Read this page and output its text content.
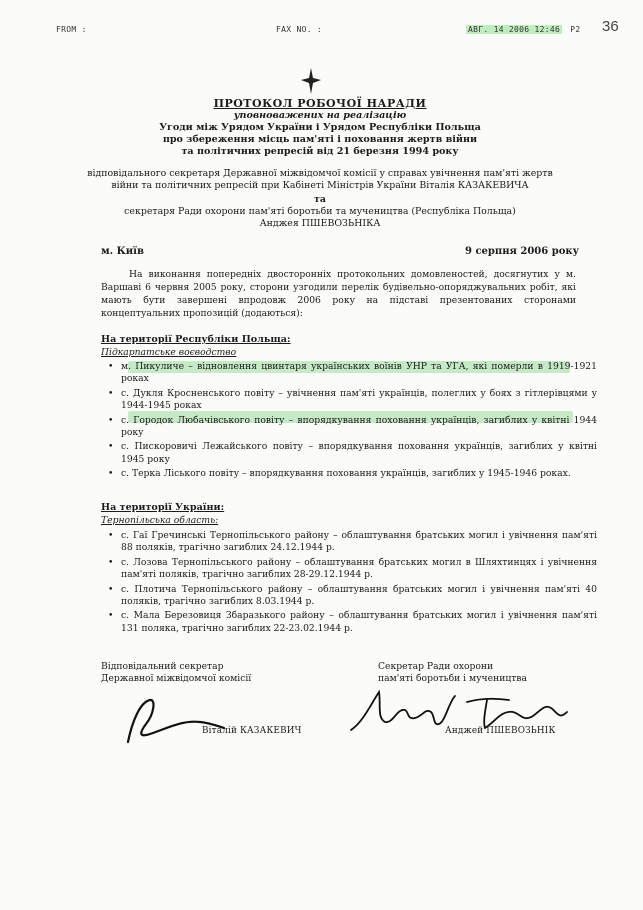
FROM :	FAX NO. :	АВГ. 14 2006 12:46 P2 36
ПРОТОКОЛ РОБОЧОЇ НАРАДИ
уповноважених на реалізацію
Угоди між Урядом України і Урядом Республіки Польща
про збереження місць пам'яті і поховання жертв війни
та політичних репресій від 21 березня 1994 року
відповідального секретаря Державної міжвідомчої комісії у справах увічнення пам'яті жертв
війни та політичних репресій при Кабінеті Міністрів України Віталія КАЗАКЕВИЧА
та
секретаря Ради охорони пам'яті боротьби та мучеництва (Республіка Польща)
Анджея ПШЕВОЗЬНІКА
м. Київ	9 серпня 2006 року
На виконання попередніх двосторонніх протокольних домовленостей, досягнутих у м. Варшаві 6 червня 2005 року, сторони узгодили перелік будівельно-опоряджувальних робіт, які мають бути завершені впродовж 2006 року на підставі презентованих сторонами концептуальних пропозицій (додаються):
На території Республіки Польща:
Підкарпатське воєводство
• м. Пикуличе – відновлення цвинтаря українських воїнів УНР та УГА, які померли в 1919-1921 роках
• с. Дукля Кросненського повіту – увічнення пам'яті українців, полеглих у боях з гітлерівцями у 1944-1945 роках
• с. Городок Любачівського повіту – впорядкування поховання українців, загиблих у квітні 1944 року
• с. Пискоровичі Лежайського повіту – впорядкування поховання українців, загиблих у квітні 1945 року
• с. Терка Ліського повіту – впорядкування поховання українців, загиблих у 1945-1946 роках.
На території України:
Тернопільська область:
• с. Гаї Гречинські Тернопільського району – облаштування братських могил і увічнення пам'яті 88 поляків, трагічно загиблих 24.12.1944 р.
• с. Лозова Тернопільського району – облаштування братських могил в Шляхтинцях і увічнення пам'яті поляків, трагічно загиблих 28-29.12.1944 р.
• с. Плотича Тернопільського району – облаштування братських могил і увічнення пам'яті 40 поляків, трагічно загиблих 8.03.1944 р.
• с. Мала Березовиця Збаразького району – облаштування братських могил і увічнення пам'яті 131 поляка, трагічно загиблих 22-23.02.1944 р.
Відповідальний секретар
Державної міжвідомчої комісії
Секретар Ради охорони
пам'яті боротьби і мучеництва
Віталій КАЗАКЕВИЧ	Анджей ПШЕВОЗЬНІК
